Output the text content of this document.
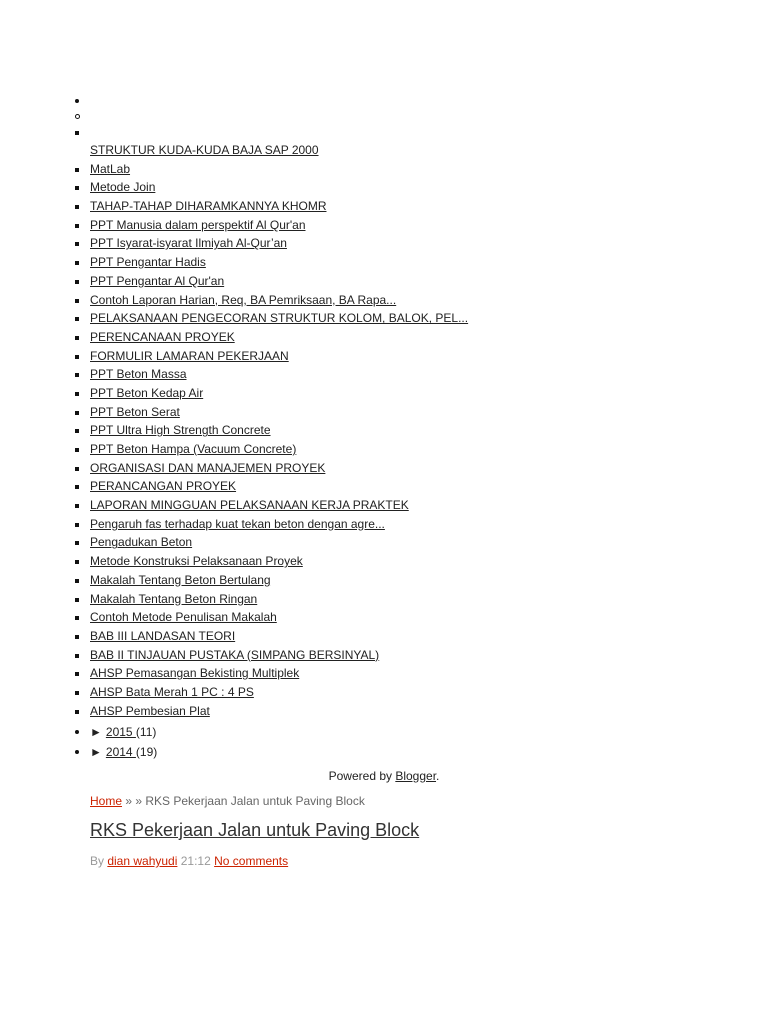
STRUKTUR KUDA-KUDA BAJA SAP 2000
MatLab
Metode Join
TAHAP-TAHAP DIHARAMKANNYA KHOMR
PPT Manusia dalam perspektif Al Qur'an
PPT Isyarat-isyarat Ilmiyah Al-Qur’an
PPT Pengantar Hadis
PPT Pengantar Al Qur'an
Contoh Laporan Harian, Req, BA Pemriksaan, BA Rapa...
PELAKSANAAN PENGECORAN STRUKTUR KOLOM, BALOK, PEL...
PERENCANAAN PROYEK
FORMULIR LAMARAN PEKERJAAN
PPT Beton Massa
PPT Beton Kedap Air
PPT Beton Serat
PPT Ultra High Strength Concrete
PPT Beton Hampa (Vacuum Concrete)
ORGANISASI DAN MANAJEMEN PROYEK
PERANCANGAN PROYEK
LAPORAN MINGGUAN PELAKSANAAN KERJA PRAKTEK
Pengaruh fas terhadap kuat tekan beton dengan agre...
Pengadukan Beton
Metode Konstruksi Pelaksanaan Proyek
Makalah Tentang Beton Bertulang
Makalah Tentang Beton Ringan
Contoh Metode Penulisan Makalah
BAB III LANDASAN TEORI
BAB II TINJAUAN PUSTAKA (SIMPANG BERSINYAL)
AHSP Pemasangan Bekisting Multiplek
AHSP Bata Merah 1 PC : 4 PS
AHSP Pembesian Plat
► 2015 (11)
► 2014 (19)
Powered by Blogger.
Home » » RKS Pekerjaan Jalan untuk Paving Block
RKS Pekerjaan Jalan untuk Paving Block
By dian wahyudi 21:12 No comments
